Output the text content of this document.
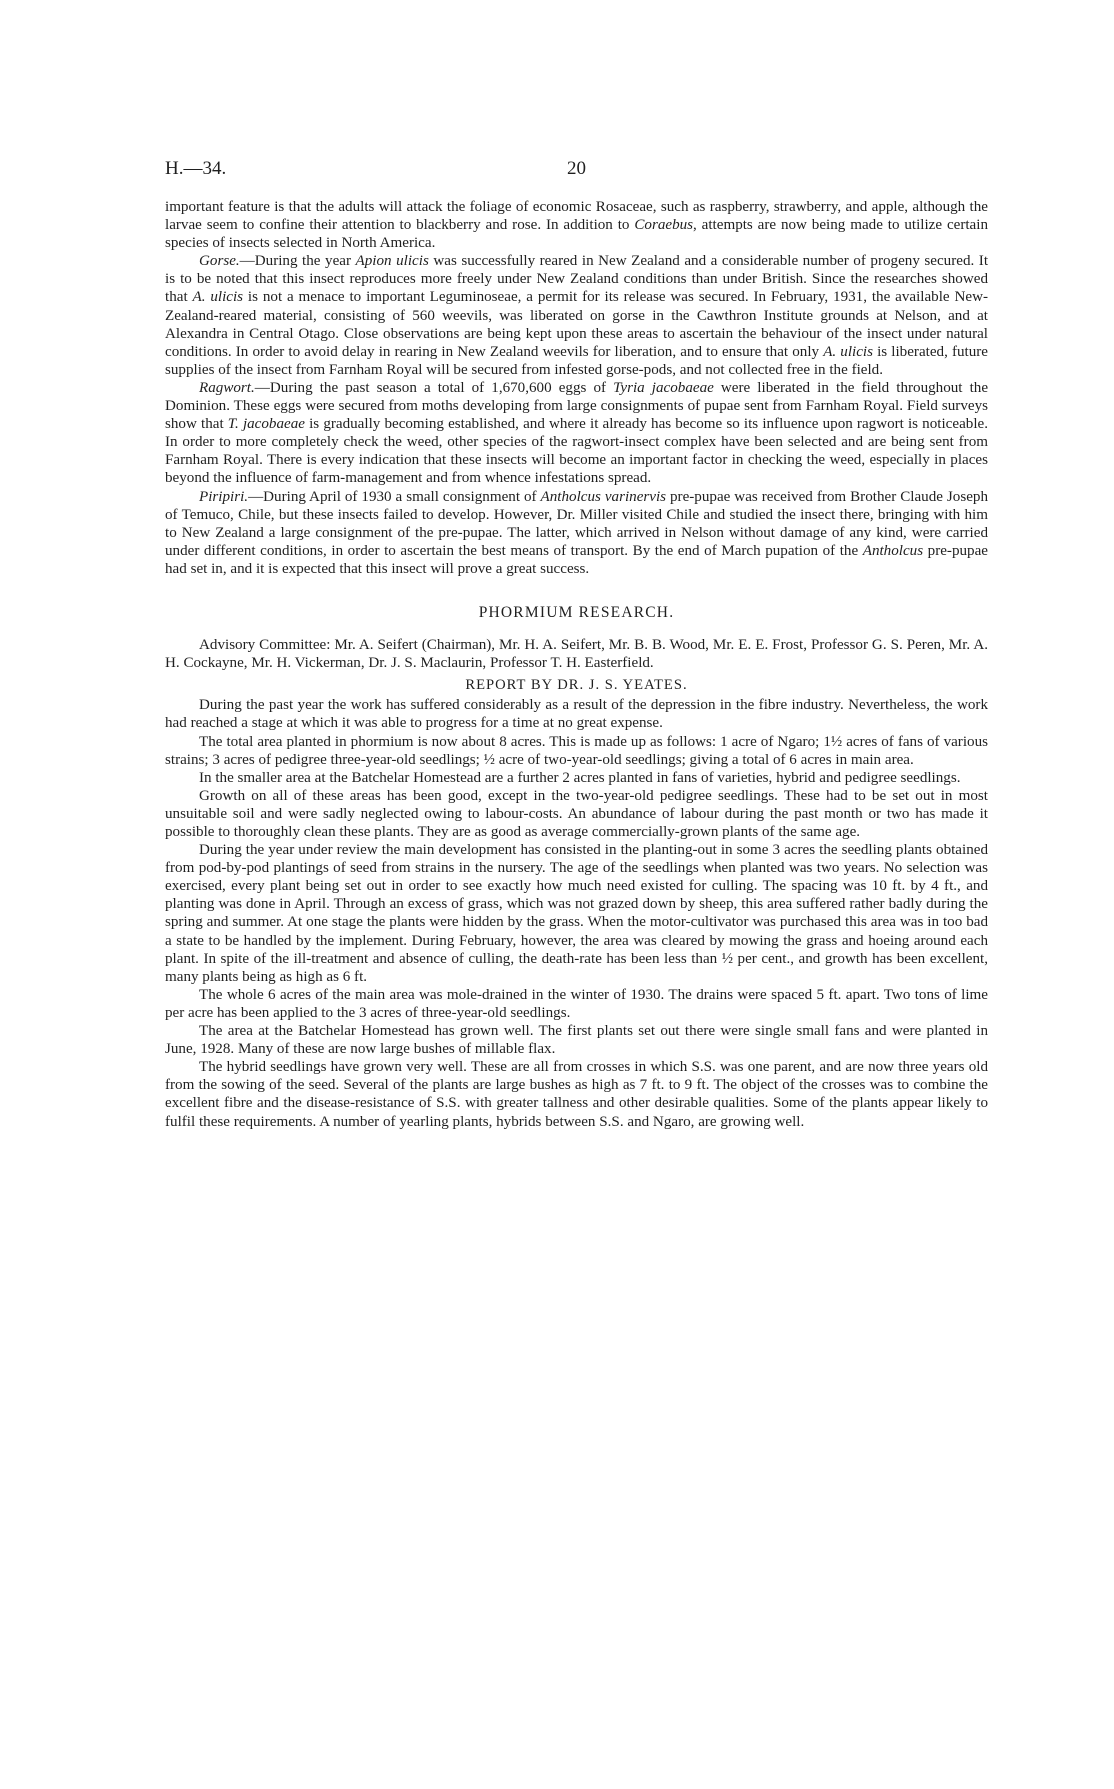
H.—34.	20

important feature is that the adults will attack the foliage of economic Rosaceae, such as raspberry, strawberry, and apple, although the larvae seem to confine their attention to blackberry and rose. In addition to Coraebus, attempts are now being made to utilize certain species of insects selected in North America.

Gorse.—During the year Apion ulicis was successfully reared in New Zealand and a considerable number of progeny secured. It is to be noted that this insect reproduces more freely under New Zealand conditions than under British. Since the researches showed that A. ulicis is not a menace to important Leguminoseae, a permit for its release was secured. In February, 1931, the available New-Zealand-reared material, consisting of 560 weevils, was liberated on gorse in the Cawthron Institute grounds at Nelson, and at Alexandra in Central Otago. Close observations are being kept upon these areas to ascertain the behaviour of the insect under natural conditions. In order to avoid delay in rearing in New Zealand weevils for liberation, and to ensure that only A. ulicis is liberated, future supplies of the insect from Farnham Royal will be secured from infested gorse-pods, and not collected free in the field.

Ragwort.—During the past season a total of 1,670,600 eggs of Tyria jacobaeae were liberated in the field throughout the Dominion. These eggs were secured from moths developing from large consignments of pupae sent from Farnham Royal. Field surveys show that T. jacobaeae is gradually becoming established, and where it already has become so its influence upon ragwort is noticeable. In order to more completely check the weed, other species of the ragwort-insect complex have been selected and are being sent from Farnham Royal. There is every indication that these insects will become an important factor in checking the weed, especially in places beyond the influence of farm-management and from whence infestations spread.

Piripiri.—During April of 1930 a small consignment of Antholcus varinervis pre-pupae was received from Brother Claude Joseph of Temuco, Chile, but these insects failed to develop. However, Dr. Miller visited Chile and studied the insect there, bringing with him to New Zealand a large consignment of the pre-pupae. The latter, which arrived in Nelson without damage of any kind, were carried under different conditions, in order to ascertain the best means of transport. By the end of March pupation of the Antholcus pre-pupae had set in, and it is expected that this insect will prove a great success.

PHORMIUM RESEARCH.

Advisory Committee: Mr. A. Seifert (Chairman), Mr. H. A. Seifert, Mr. B. B. Wood, Mr. E. E. Frost, Professor G. S. Peren, Mr. A. H. Cockayne, Mr. H. Vickerman, Dr. J. S. Maclaurin, Professor T. H. Easterfield.

REPORT BY DR. J. S. YEATES.

During the past year the work has suffered considerably as a result of the depression in the fibre industry. Nevertheless, the work had reached a stage at which it was able to progress for a time at no great expense.

The total area planted in phormium is now about 8 acres. This is made up as follows: 1 acre of Ngaro; 1½ acres of fans of various strains; 3 acres of pedigree three-year-old seedlings; ½ acre of two-year-old seedlings; giving a total of 6 acres in main area.

In the smaller area at the Batchelar Homestead are a further 2 acres planted in fans of varieties, hybrid and pedigree seedlings.

Growth on all of these areas has been good, except in the two-year-old pedigree seedlings. These had to be set out in most unsuitable soil and were sadly neglected owing to labour-costs. An abundance of labour during the past month or two has made it possible to thoroughly clean these plants. They are as good as average commercially-grown plants of the same age.

During the year under review the main development has consisted in the planting-out in some 3 acres the seedling plants obtained from pod-by-pod plantings of seed from strains in the nursery. The age of the seedlings when planted was two years. No selection was exercised, every plant being set out in order to see exactly how much need existed for culling. The spacing was 10 ft. by 4 ft., and planting was done in April. Through an excess of grass, which was not grazed down by sheep, this area suffered rather badly during the spring and summer. At one stage the plants were hidden by the grass. When the motor-cultivator was purchased this area was in too bad a state to be handled by the implement. During February, however, the area was cleared by mowing the grass and hoeing around each plant. In spite of the ill-treatment and absence of culling, the death-rate has been less than ½ per cent., and growth has been excellent, many plants being as high as 6 ft.

The whole 6 acres of the main area was mole-drained in the winter of 1930. The drains were spaced 5 ft. apart. Two tons of lime per acre has been applied to the 3 acres of three-year-old seedlings.

The area at the Batchelar Homestead has grown well. The first plants set out there were single small fans and were planted in June, 1928. Many of these are now large bushes of millable flax.

The hybrid seedlings have grown very well. These are all from crosses in which S.S. was one parent, and are now three years old from the sowing of the seed. Several of the plants are large bushes as high as 7 ft. to 9 ft. The object of the crosses was to combine the excellent fibre and the disease-resistance of S.S. with greater tallness and other desirable qualities. Some of the plants appear likely to fulfil these requirements. A number of yearling plants, hybrids between S.S. and Ngaro, are growing well.
